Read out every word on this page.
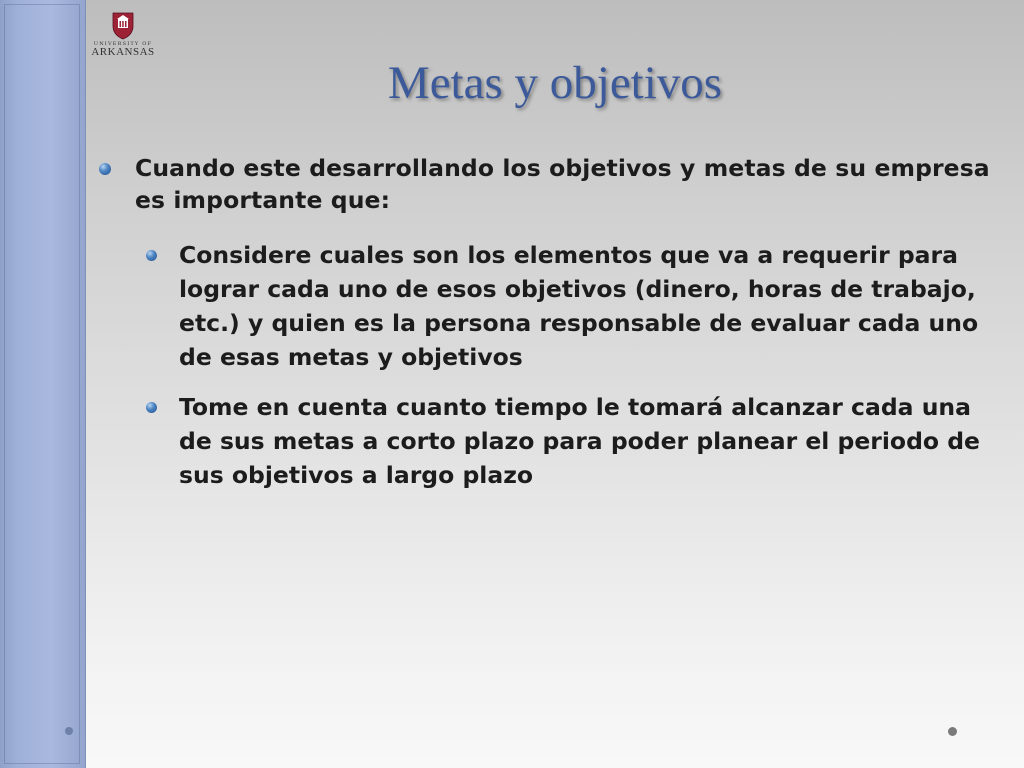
UNIVERSITY OF
ARKANSAS
Metas y objetivos
Cuando este desarrollando los objetivos y metas de su empresa es importante que:
Considere cuales son los elementos que va a requerir para lograr cada uno de esos objetivos (dinero, horas de trabajo, etc.) y quien es la persona responsable de evaluar cada uno de esas metas y objetivos
Tome en cuenta cuanto tiempo le tomará alcanzar cada una de sus metas a corto plazo para poder planear el periodo de sus objetivos a largo plazo
